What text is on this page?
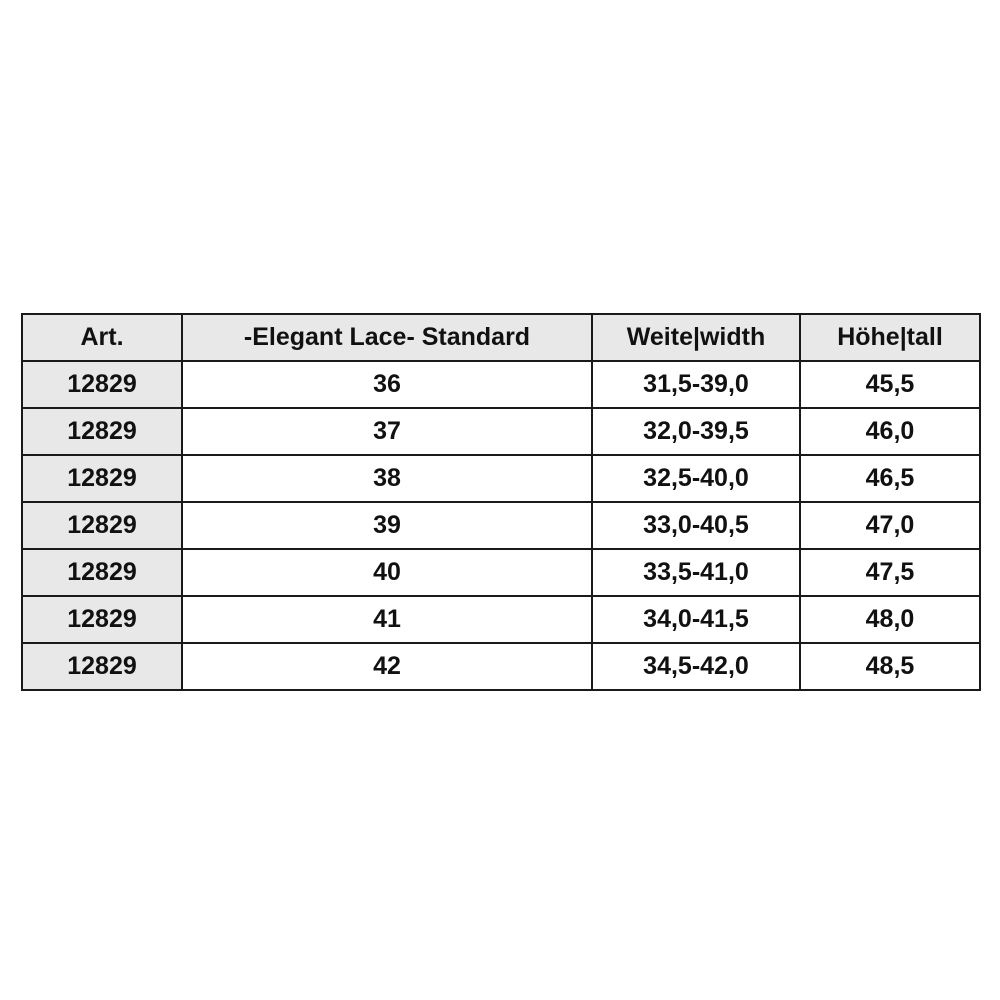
Art.	-Elegant Lace- Standard	Weite|width	Höhe|tall
12829	36	31,5-39,0	45,5
12829	37	32,0-39,5	46,0
12829	38	32,5-40,0	46,5
12829	39	33,0-40,5	47,0
12829	40	33,5-41,0	47,5
12829	41	34,0-41,5	48,0
12829	42	34,5-42,0	48,5
